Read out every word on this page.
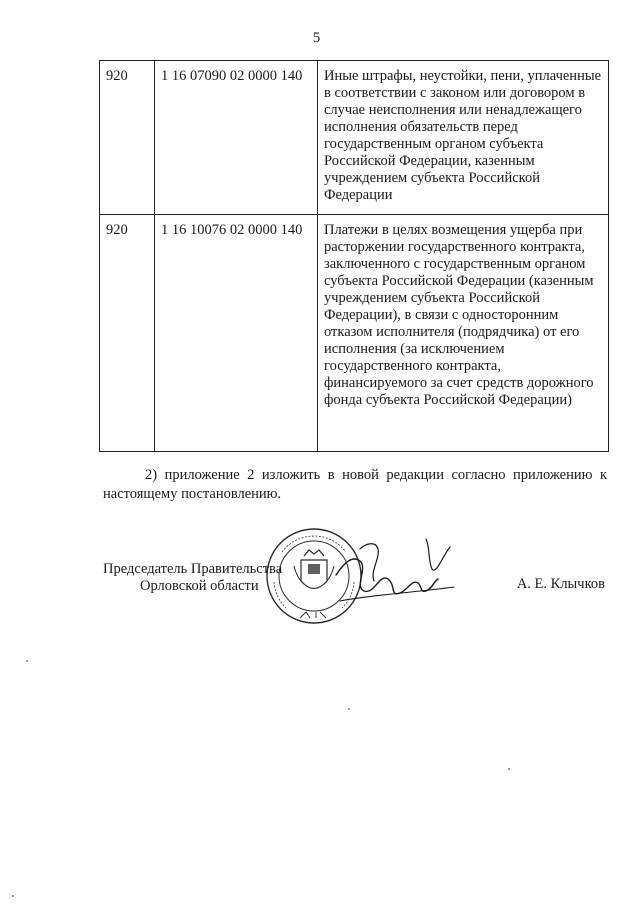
5
920	1 16 07090 02 0000 140	Иные штрафы, неустойки, пени, уплаченные в соответствии с законом или договором в случае неисполнения или ненадлежащего исполнения обязательств перед государственным органом субъекта Российской Федерации, казенным учреждением субъекта Российской Федерации
920	1 16 10076 02 0000 140	Платежи в целях возмещения ущерба при расторжении государственного контракта, заключенного с государственным органом субъекта Российской Федерации (казенным учреждением субъекта Российской Федерации), в связи с односторонним отказом исполнителя (подрядчика) от его исполнения (за исключением государственного контракта, финансируемого за счет средств дорожного фонда субъекта Российской Федерации)

2) приложение 2 изложить в новой редакции согласно приложению к настоящему постановлению.

Председатель Правительства
Орловской области	А. Е. Клычков
